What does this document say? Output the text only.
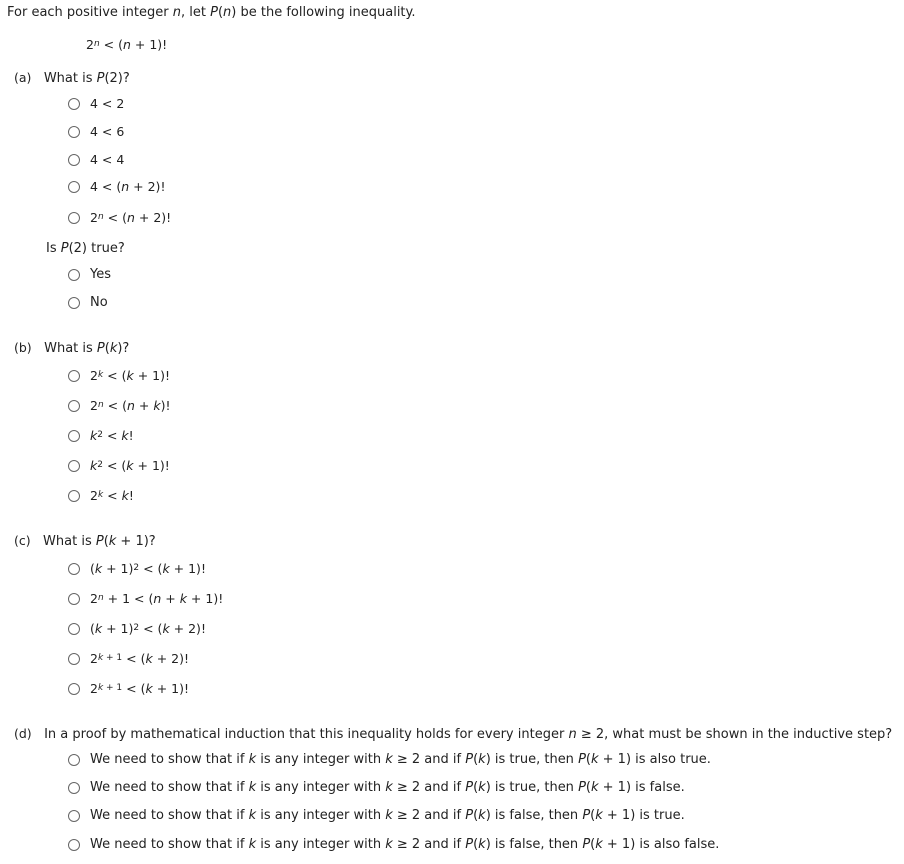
For each positive integer n, let P(n) be the following inequality.
$2^n < (n + 1)$!
(a)   What is P(2)?
4 < 2
4 < 6
4 < 4
4 < (n + 2)!
$2^n < (n + 2)$!
Is P(2) true?
Yes
No
(b)   What is P(k)?
$2^k < (k + 1)$!
$2^n < (n + k)$!
$k^2 < k$!
$k^2 < (k + 1)$!
$2^k < k$!
(c)   What is P(k + 1)?
$(k + 1)^2 < (k + 1)$!
$2^n + 1 < (n + k + 1)$!
$(k + 1)^2 < (k + 2)$!
$2^{k + 1} < (k + 2)$!
$2^{k + 1} < (k + 1)$!
(d)   In a proof by mathematical induction that this inequality holds for every integer n ≥ 2, what must be shown in the inductive step?
We need to show that if k is any integer with k ≥ 2 and if P(k) is true, then P(k + 1) is also true.
We need to show that if k is any integer with k ≥ 2 and if P(k) is true, then P(k + 1) is false.
We need to show that if k is any integer with k ≥ 2 and if P(k) is false, then P(k + 1) is true.
We need to show that if k is any integer with k ≥ 2 and if P(k) is false, then P(k + 1) is also false.
